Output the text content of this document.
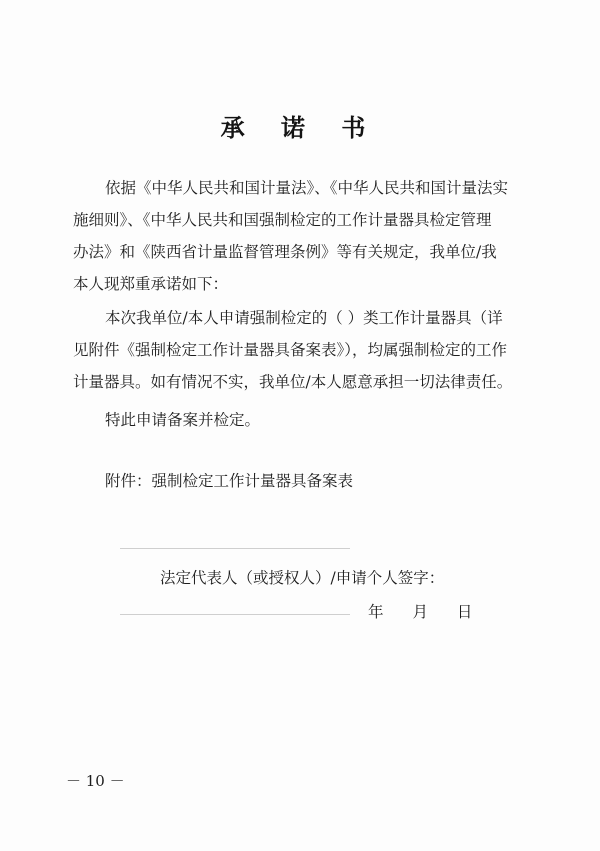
承 诺 书
依据《中华人民共和国计量法》、《中华人民共和国计量法实
施细则》、《中华人民共和国强制检定的工作计量器具检定管理
办法》和《陕西省计量监督管理条例》等有关规定，我单位/我
本人现郑重承诺如下：
本次我单位/本人申请强制检定的（ ）类工作计量器具（详
见附件《强制检定工作计量器具备案表》），均属强制检定的工作
计量器具。如有情况不实，我单位/本人愿意承担一切法律责任。
特此申请备案并检定。
附件：强制检定工作计量器具备案表
法定代表人（或授权人）/申请个人签字：
年 月 日
－ 10 －
